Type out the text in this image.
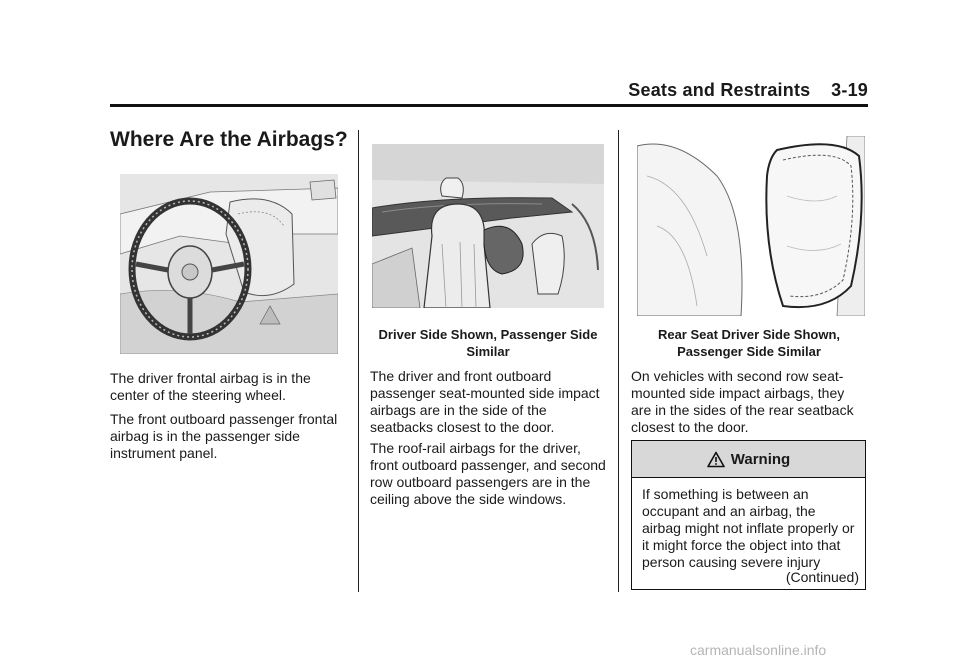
Seats and Restraints 3-19
Where Are the Airbags?

The driver frontal airbag is in the center of the steering wheel.

The front outboard passenger frontal airbag is in the passenger side instrument panel.

Driver Side Shown, Passenger Side Similar

The driver and front outboard passenger seat-mounted side impact airbags are in the side of the seatbacks closest to the door.

The roof-rail airbags for the driver, front outboard passenger, and second row outboard passengers are in the ceiling above the side windows.

Rear Seat Driver Side Shown, Passenger Side Similar

On vehicles with second row seat-mounted side impact airbags, they are in the sides of the rear seatback closest to the door.

Warning
If something is between an occupant and an airbag, the airbag might not inflate properly or it might force the object into that person causing severe injury
(Continued)
carmanualsonline.info
